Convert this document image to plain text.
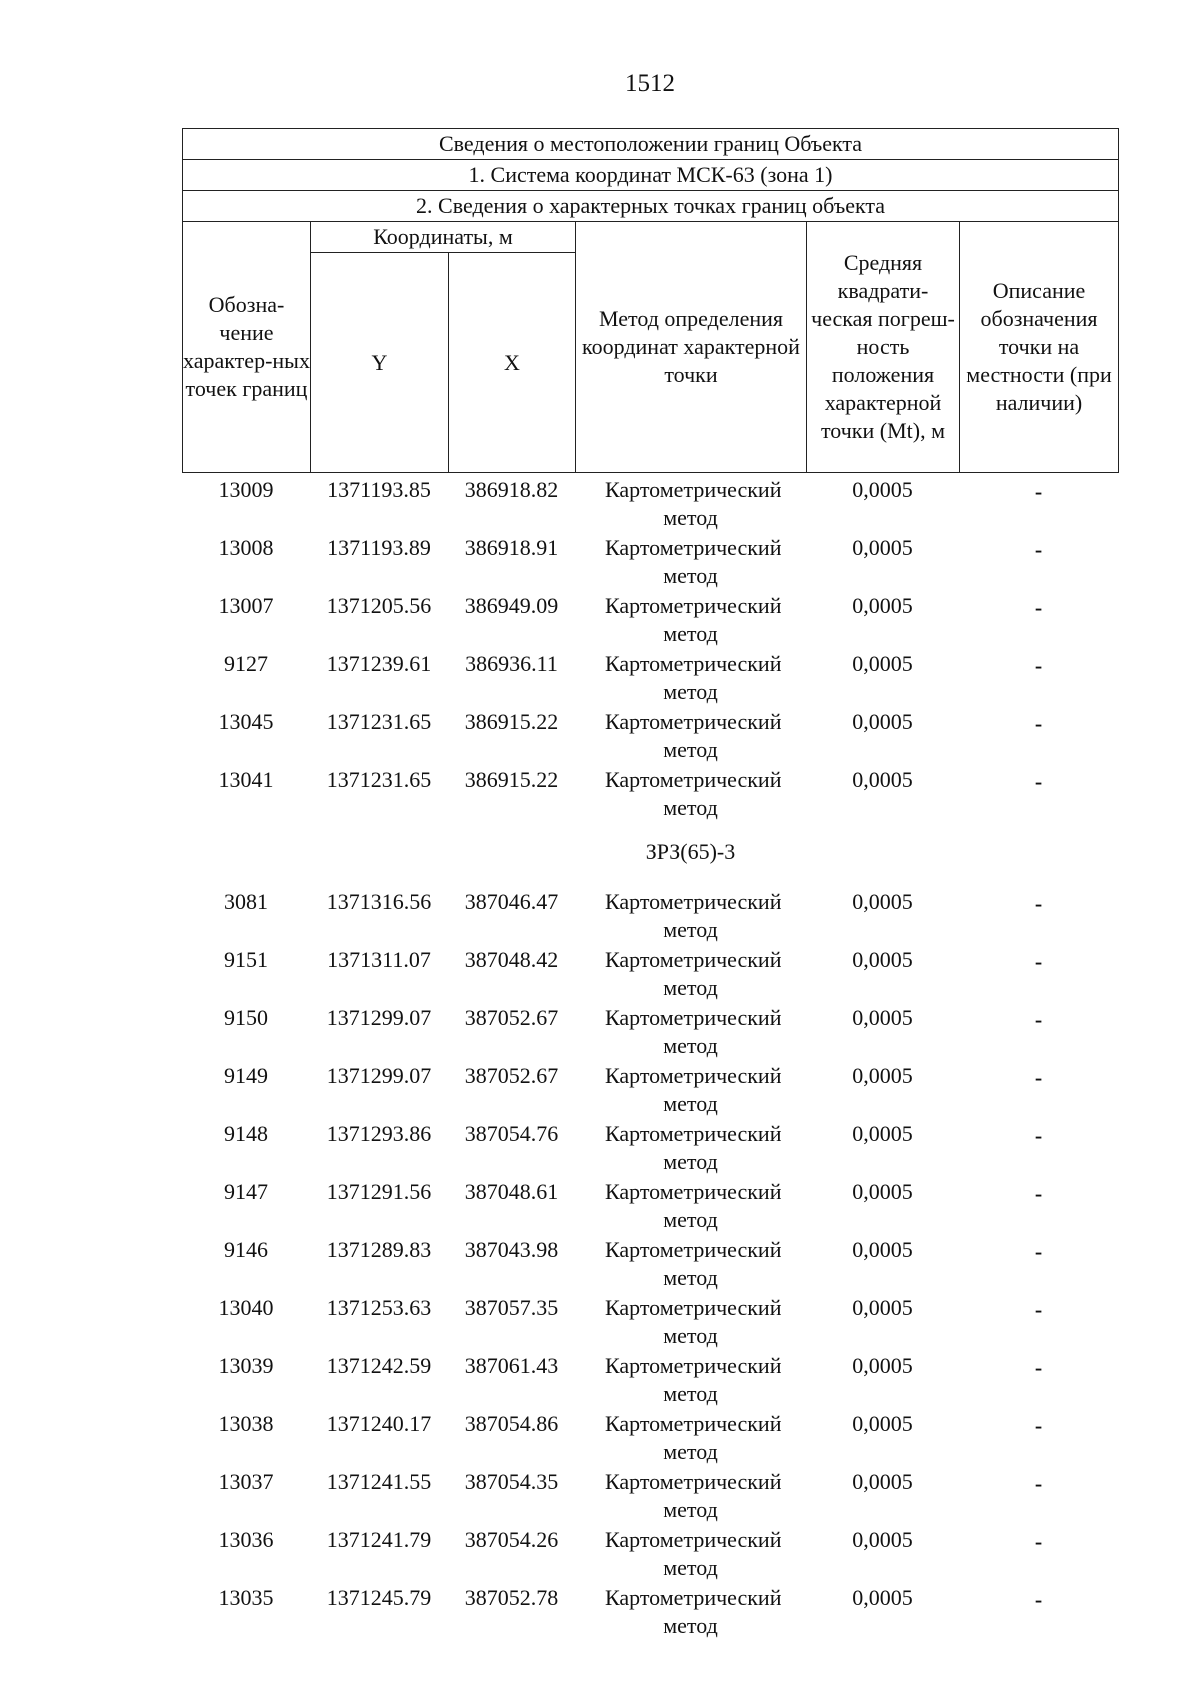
1512
Сведения о местоположении границ Объекта					
1. Система координат МСК-63 (зона 1)					
2. Сведения о характерных точках границ объекта					
Обозна-чение характер-ных точек границ	Координаты, м		Метод определения координат характерной точки	Средняя квадрати-ческая погреш-ность положения характерной точки (Mt), м	Описание обозначения точки на местности (при наличии)
	Y	X			
13009	1371193.85	386918.82	Картометрический метод	0,0005	-
13008	1371193.89	386918.91	Картометрический метод	0,0005	-
13007	1371205.56	386949.09	Картометрический метод	0,0005	-
9127	1371239.61	386936.11	Картометрический метод	0,0005	-
13045	1371231.65	386915.22	Картометрический метод	0,0005	-
13041	1371231.65	386915.22	Картометрический метод	0,0005	-
			ЗРЗ(65)-3		
3081	1371316.56	387046.47	Картометрический метод	0,0005	-
9151	1371311.07	387048.42	Картометрический метод	0,0005	-
9150	1371299.07	387052.67	Картометрический метод	0,0005	-
9149	1371299.07	387052.67	Картометрический метод	0,0005	-
9148	1371293.86	387054.76	Картометрический метод	0,0005	-
9147	1371291.56	387048.61	Картометрический метод	0,0005	-
9146	1371289.83	387043.98	Картометрический метод	0,0005	-
13040	1371253.63	387057.35	Картометрический метод	0,0005	-
13039	1371242.59	387061.43	Картометрический метод	0,0005	-
13038	1371240.17	387054.86	Картометрический метод	0,0005	-
13037	1371241.55	387054.35	Картометрический метод	0,0005	-
13036	1371241.79	387054.26	Картометрический метод	0,0005	-
13035	1371245.79	387052.78	Картометрический метод	0,0005	-
